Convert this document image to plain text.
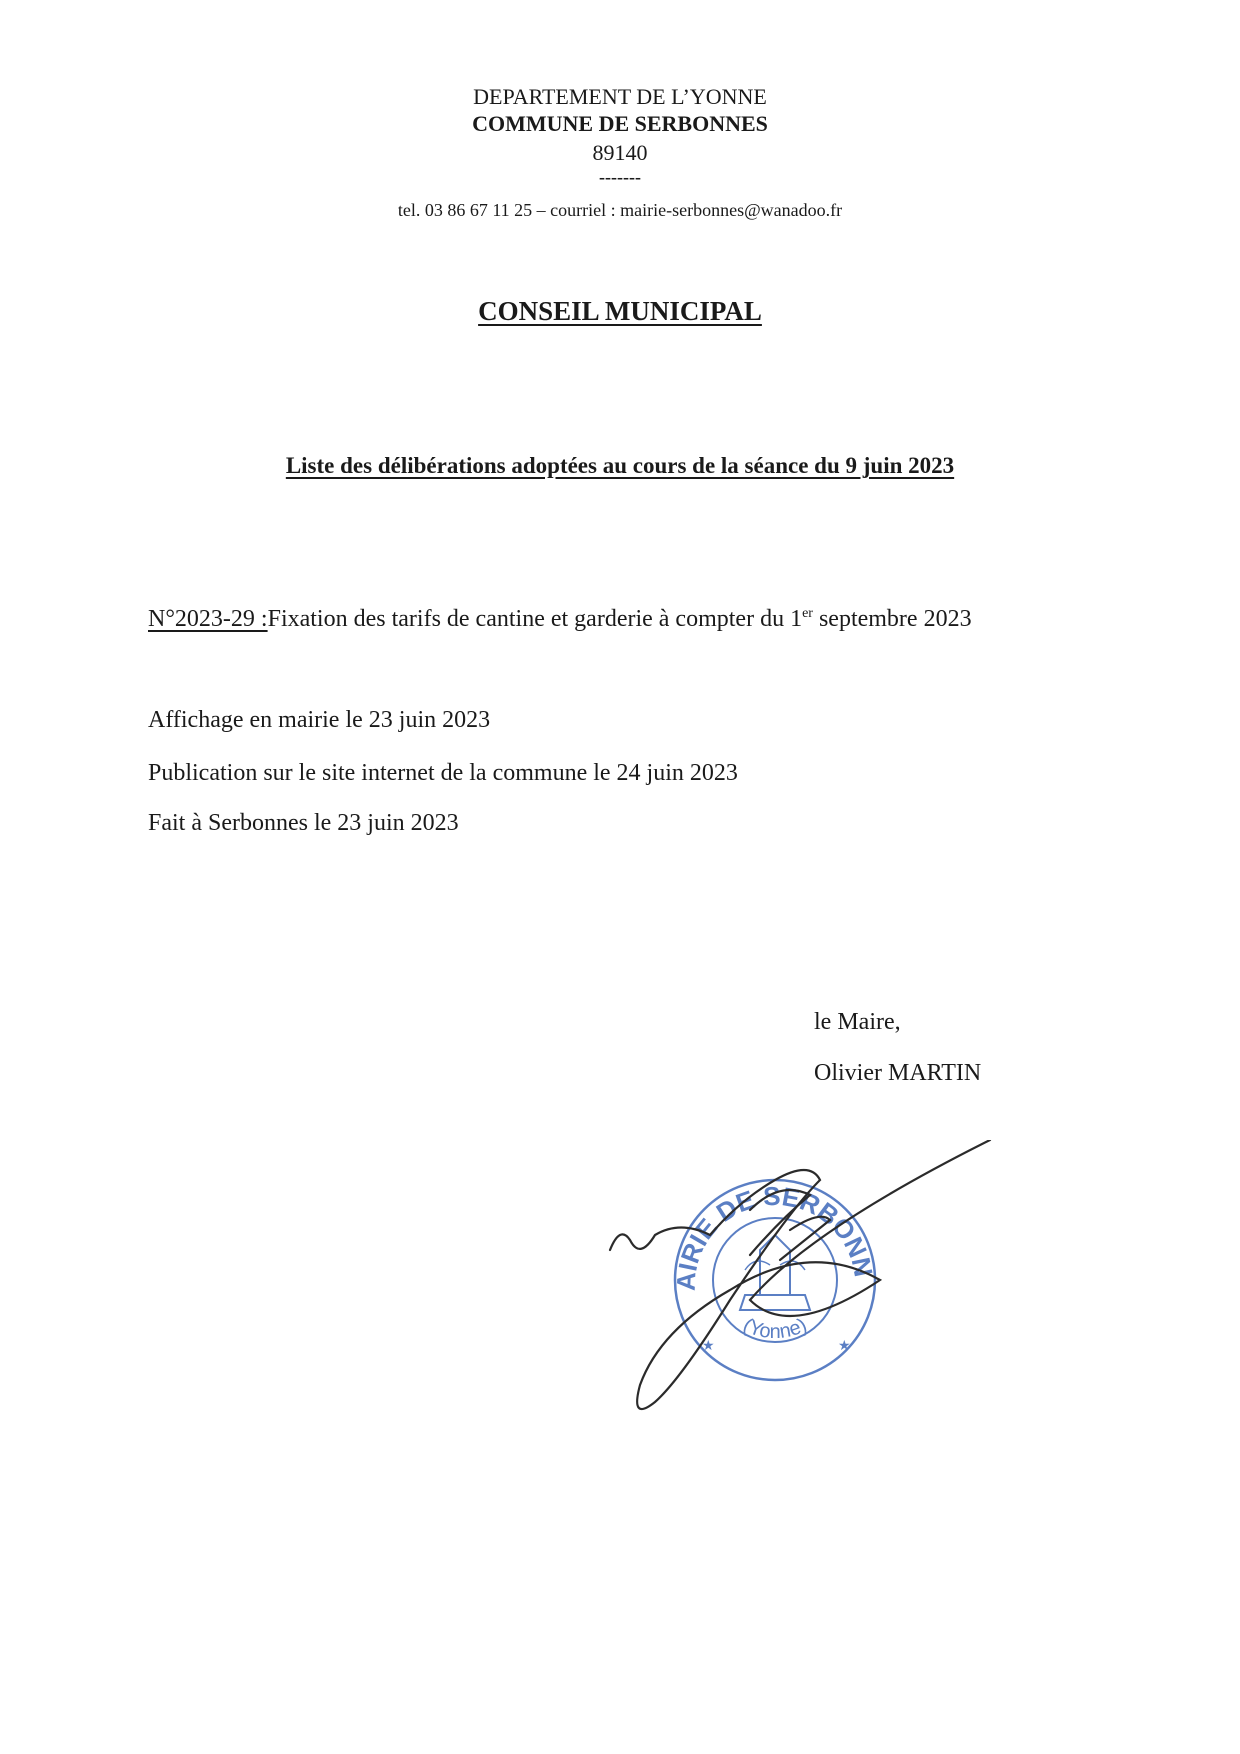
DEPARTEMENT DE L’YONNE
COMMUNE DE SERBONNES
89140
-------
tel. 03 86 67 11 25 – courriel : mairie-serbonnes@wanadoo.fr
CONSEIL MUNICIPAL
Liste des délibérations adoptées au cours de la séance du 9 juin 2023
N°2023-29 :Fixation des tarifs de cantine et garderie à compter du 1er septembre 2023
Affichage en mairie le 23 juin 2023
Publication sur le site internet de la commune le 24 juin 2023
Fait à Serbonnes le 23 juin 2023
le Maire,
Olivier MARTIN
AIRIE DE SERBONN
(Yonne)
★	★
